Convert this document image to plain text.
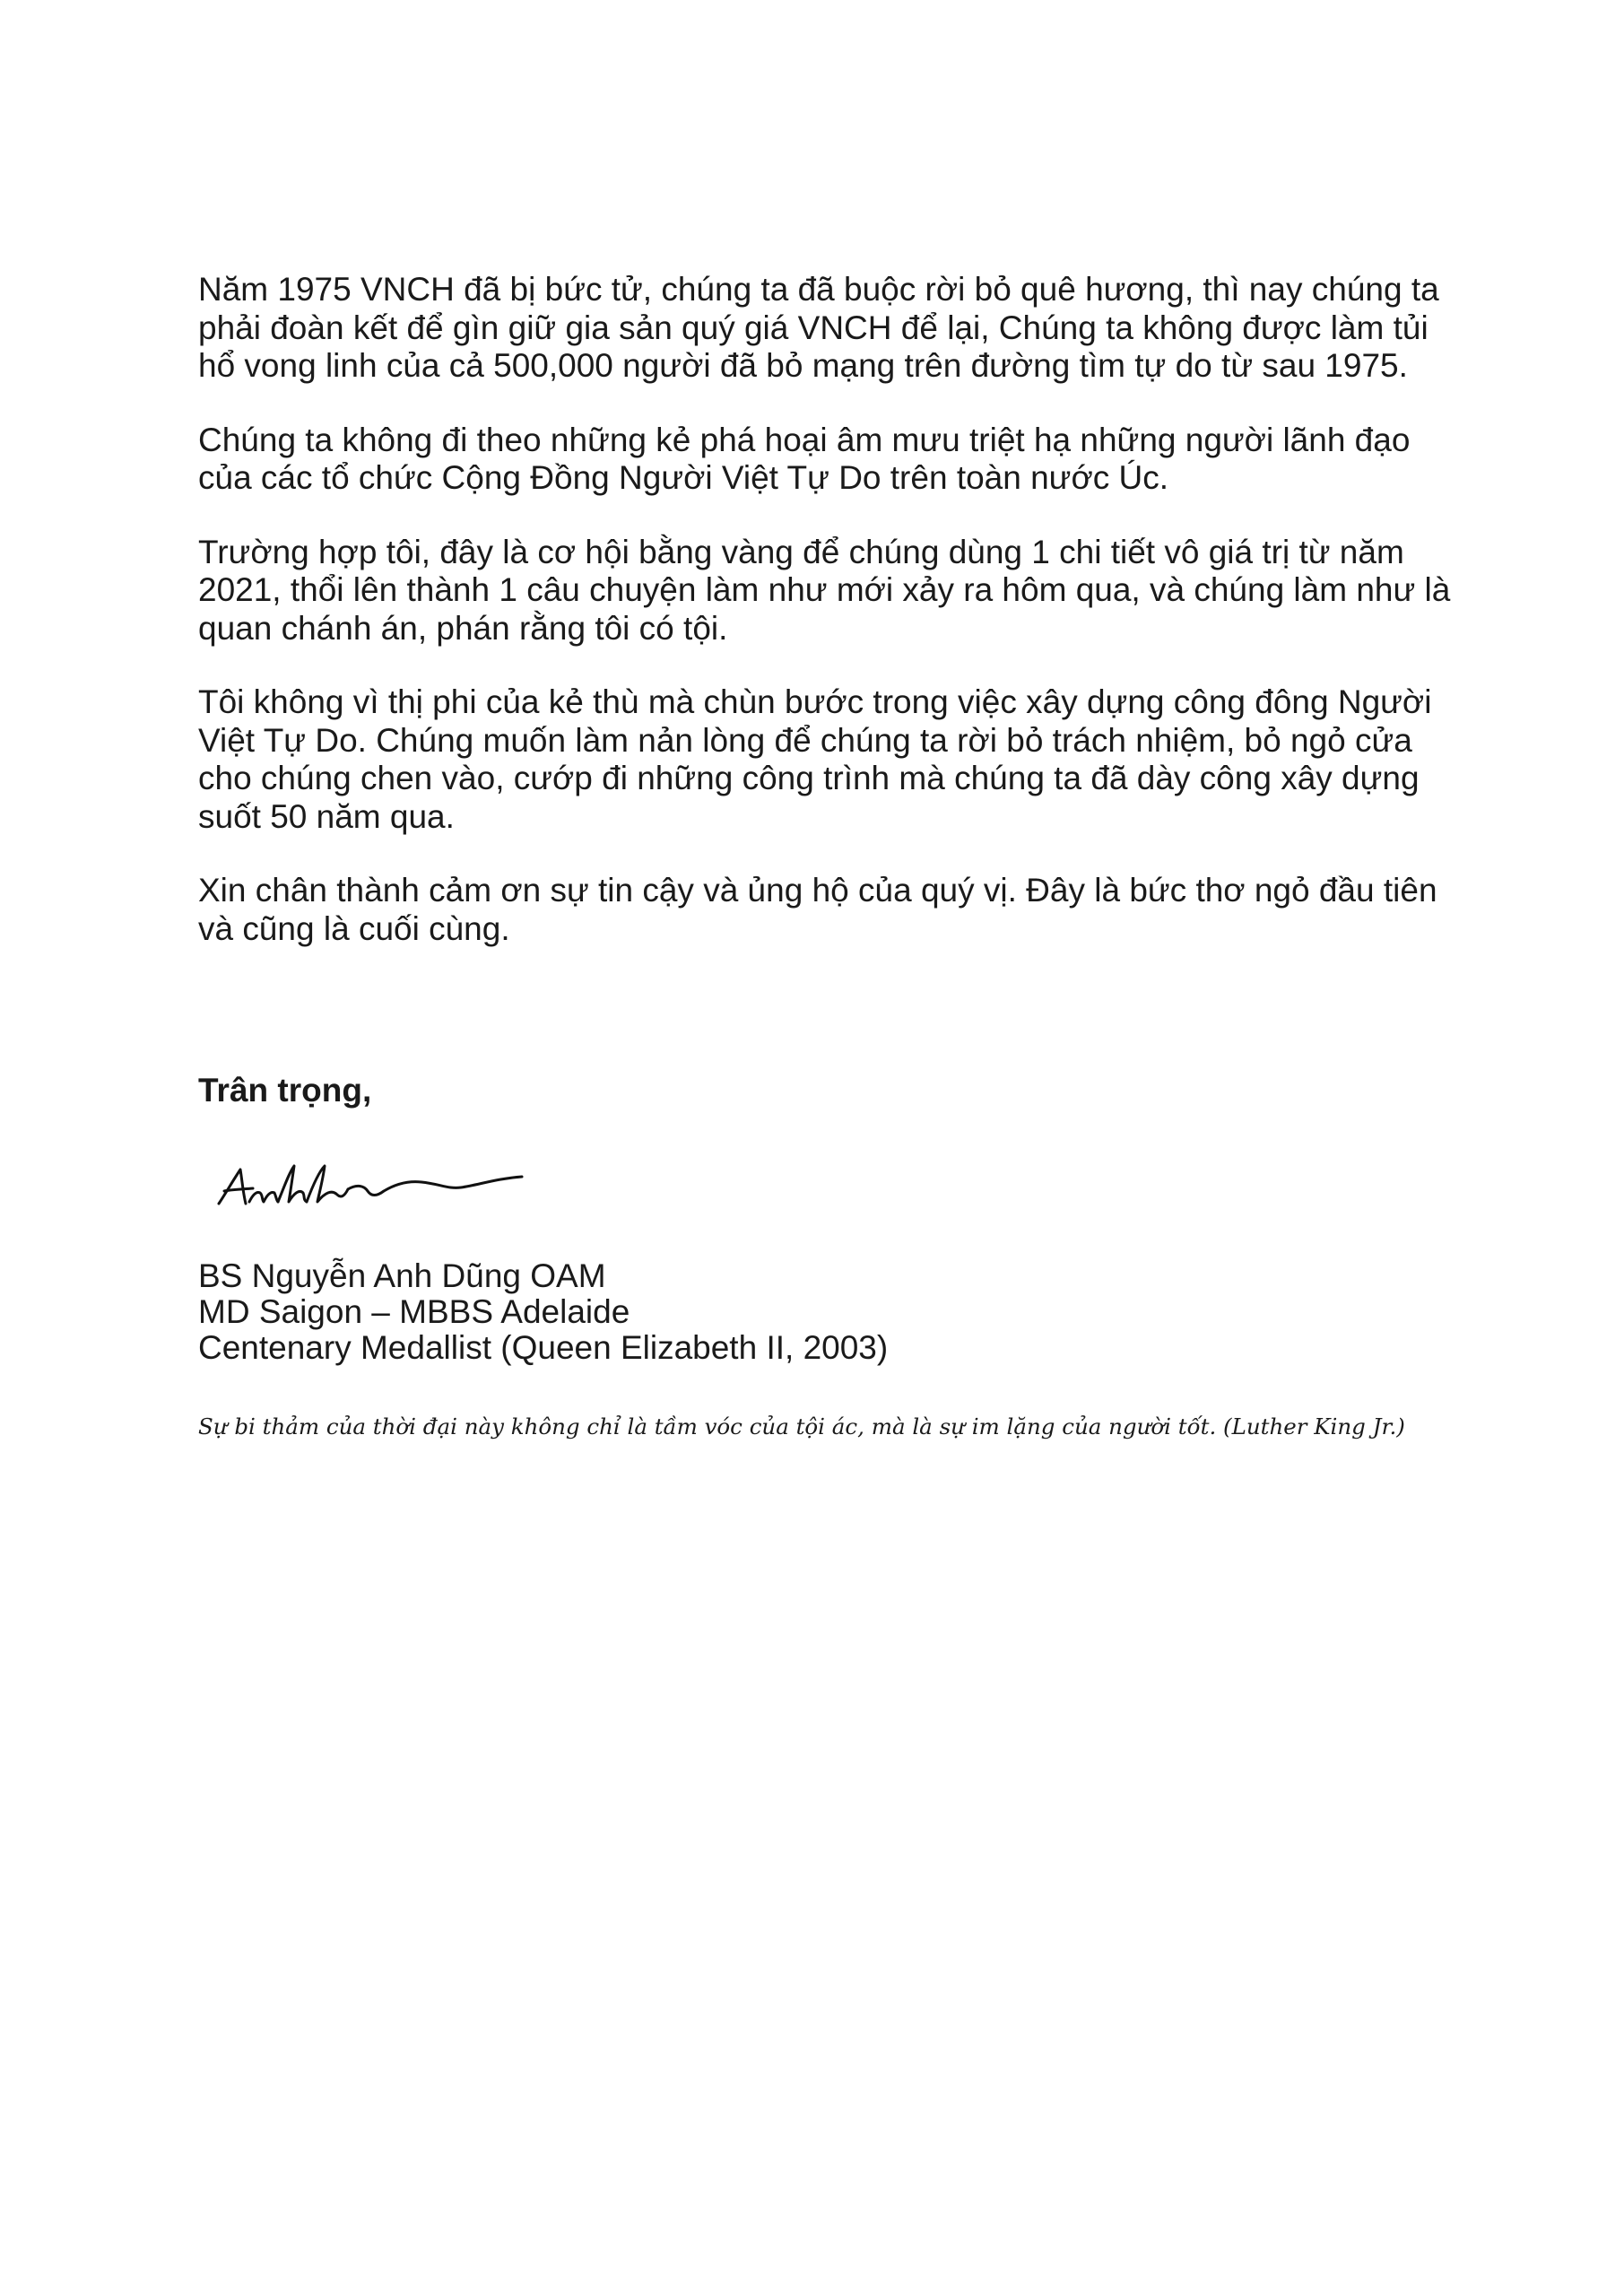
Năm 1975 VNCH đã bị bức tử, chúng ta đã buộc rời bỏ quê hương, thì nay chúng ta
phải đoàn kết để gìn giữ gia sản quý giá VNCH để lại, Chúng ta không được làm tủi
hổ vong linh của cả 500,000 người đã bỏ mạng trên đường tìm tự do từ sau 1975.

Chúng ta không đi theo những kẻ phá hoại âm mưu triệt hạ những người lãnh đạo
của các tổ chức Cộng Đồng Người Việt Tự Do trên toàn nước Úc.

Trường hợp tôi, đây là cơ hội bằng vàng để chúng dùng 1 chi tiết vô giá trị từ năm
2021, thổi lên thành 1 câu chuyện làm như mới xảy ra hôm qua, và chúng làm như là
quan chánh án, phán rằng tôi có tội.

Tôi không vì thị phi của kẻ thù mà chùn bước trong việc xây dựng công đông Người
Việt Tự Do. Chúng muốn làm nản lòng để chúng ta rời bỏ trách nhiệm, bỏ ngỏ cửa
cho chúng chen vào, cướp đi những công trình mà chúng ta đã dày công xây dựng
suốt 50 năm qua.

Xin chân thành cảm ơn sự tin cậy và ủng hộ của quý vị. Đây là bức thơ ngỏ đầu tiên
và cũng là cuối cùng.

Trân trọng,

BS Nguyễn Anh Dũng OAM
MD Saigon – MBBS Adelaide
Centenary Medallist (Queen Elizabeth II, 2003)
Sự bi thảm của thời đại này không chỉ là tầm vóc của tội ác, mà là sự im lặng của người tốt. (Luther King Jr.)
